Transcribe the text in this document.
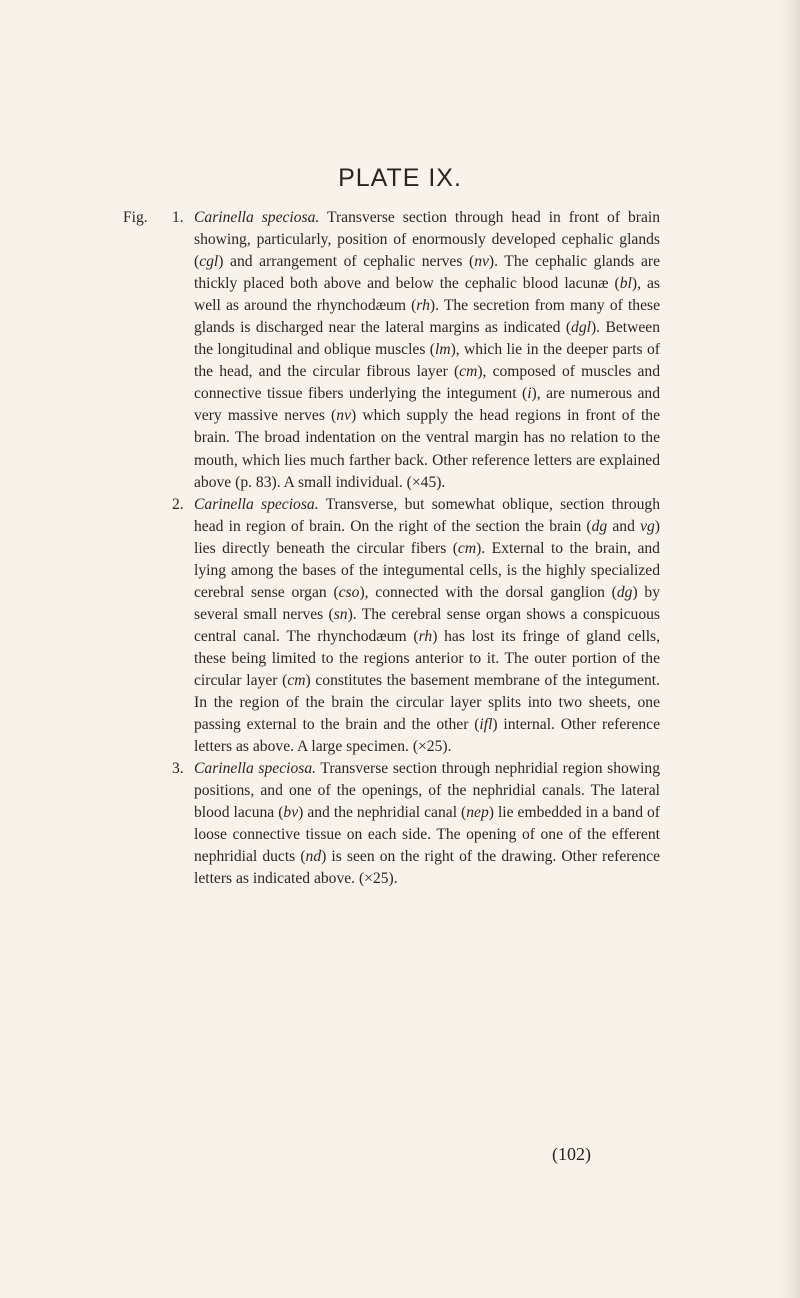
PLATE IX.

Fig. 1. Carinella speciosa. Transverse section through head in front of brain showing, particularly, position of enormously developed cephalic glands (cgl) and arrangement of cephalic nerves (nv). The cephalic glands are thickly placed both above and below the cephalic blood lacunæ (bl), as well as around the rhynchodæum (rh). The secretion from many of these glands is discharged near the lateral margins as indicated (dgl). Between the longitudinal and oblique muscles (lm), which lie in the deeper parts of the head, and the circular fibrous layer (cm), composed of muscles and connective tissue fibers underlying the integument (i), are numerous and very massive nerves (nv) which supply the head regions in front of the brain. The broad indentation on the ventral margin has no relation to the mouth, which lies much farther back. Other reference letters are explained above (p. 83). A small individual. (×45).

2. Carinella speciosa. Transverse, but somewhat oblique, section through head in region of brain. On the right of the section the brain (dg and vg) lies directly beneath the circular fibers (cm). External to the brain, and lying among the bases of the integumental cells, is the highly specialized cerebral sense organ (cso), connected with the dorsal ganglion (dg) by several small nerves (sn). The cerebral sense organ shows a conspicuous central canal. The rhynchodæum (rh) has lost its fringe of gland cells, these being limited to the regions anterior to it. The outer portion of the circular layer (cm) constitutes the basement membrane of the integument. In the region of the brain the circular layer splits into two sheets, one passing external to the brain and the other (ifl) internal. Other reference letters as above. A large specimen. (×25).

3. Carinella speciosa. Transverse section through nephridial region showing positions, and one of the openings, of the nephridial canals. The lateral blood lacuna (bv) and the nephridial canal (nep) lie embedded in a band of loose connective tissue on each side. The opening of one of the efferent nephridial ducts (nd) is seen on the right of the drawing. Other reference letters as indicated above. (×25).

(102)
